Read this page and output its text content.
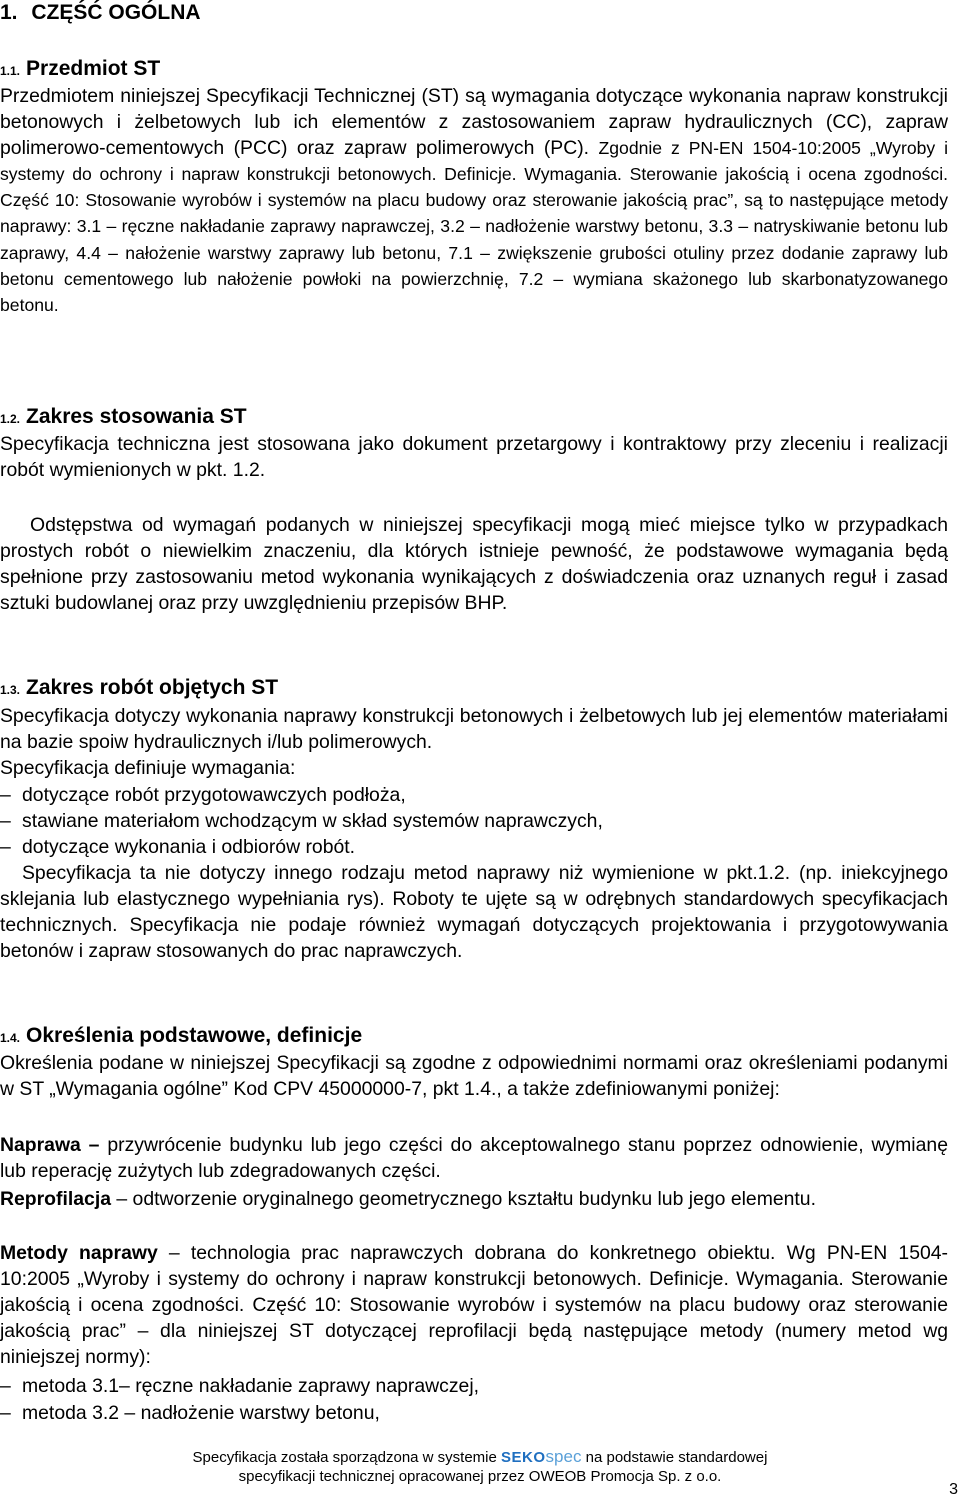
1. CZĘŚĆ OGÓLNA
1.1. Przedmiot ST

Przedmiotem niniejszej Specyfikacji Technicznej (ST) są wymagania dotyczące wykonania napraw konstrukcji betonowych i żelbetowych lub ich elementów z zastosowaniem zapraw hydraulicznych (CC), zapraw polimerowo-cementowych (PCC) oraz zapraw polimerowych (PC). Zgodnie z PN-EN 1504-10:2005 „Wyroby i systemy do ochrony i napraw konstrukcji betonowych. Definicje. Wymagania. Sterowanie jakością i ocena zgodności. Część 10: Stosowanie wyrobów i systemów na placu budowy oraz sterowanie jakością prac”, są to następujące metody naprawy: 3.1 – ręczne nakładanie zaprawy naprawczej, 3.2 – nadłożenie warstwy betonu, 3.3 – natryskiwanie betonu lub zaprawy, 4.4 – nałożenie warstwy zaprawy lub betonu, 7.1 – zwiększenie grubości otuliny przez dodanie zaprawy lub betonu cementowego lub nałożenie powłoki na powierzchnię, 7.2 – wymiana skażonego lub skarbonatyzowanego betonu.

1.2. Zakres stosowania ST

Specyfikacja techniczna jest stosowana jako dokument przetargowy i kontraktowy przy zleceniu i realizacji robót wymienionych w pkt. 1.2.

Odstępstwa od wymagań podanych w niniejszej specyfikacji mogą mieć miejsce tylko w przypadkach prostych robót o niewielkim znaczeniu, dla których istnieje pewność, że podstawowe wymagania będą spełnione przy zastosowaniu metod wykonania wynikających z doświadczenia oraz uznanych reguł i zasad sztuki budowlanej oraz przy uwzględnieniu przepisów BHP.

1.3. Zakres robót objętych ST

Specyfikacja dotyczy wykonania naprawy konstrukcji betonowych i żelbetowych lub jej elementów materiałami na bazie spoiw hydraulicznych i/lub polimerowych.

Specyfikacja definiuje wymagania:

– dotyczące robót przygotowawczych podłoża,
– stawiane materiałom wchodzącym w skład systemów naprawczych,
– dotyczące wykonania i odbiorów robót.

Specyfikacja ta nie dotyczy innego rodzaju metod naprawy niż wymienione w pkt.1.2. (np. iniekcyjnego sklejania lub elastycznego wypełniania rys). Roboty te ujęte są w odrębnych standardowych specyfikacjach technicznych. Specyfikacja nie podaje również wymagań dotyczących projektowania i przygotowywania betonów i zapraw stosowanych do prac naprawczych.

1.4. Określenia podstawowe, definicje

Określenia podane w niniejszej Specyfikacji są zgodne z odpowiednimi normami oraz określeniami podanymi w ST „Wymagania ogólne” Kod CPV 45000000-7, pkt 1.4., a także zdefiniowanymi poniżej:

Naprawa – przywrócenie budynku lub jego części do akceptowalnego stanu poprzez odnowienie, wymianę lub reperację zużytych lub zdegradowanych części.

Reprofilacja – odtworzenie oryginalnego geometrycznego kształtu budynku lub jego elementu.

Metody naprawy – technologia prac naprawczych dobrana do konkretnego obiektu. Wg PN-EN 1504-10:2005 „Wyroby i systemy do ochrony i napraw konstrukcji betonowych. Definicje. Wymagania. Sterowanie jakością i ocena zgodności. Część 10: Stosowanie wyrobów i systemów na placu budowy oraz sterowanie jakością prac” – dla niniejszej ST dotyczącej reprofilacji będą następujące metody (numery metod wg niniejszej normy):

– metoda 3.1– ręczne nakładanie zaprawy naprawczej,
– metoda 3.2 – nadłożenie warstwy betonu,
Specyfikacja została sporządzona w systemie SEKOspec na podstawie standardowej
specyfikacji technicznej opracowanej przez OWEOB Promocja Sp. z o.o.
3
